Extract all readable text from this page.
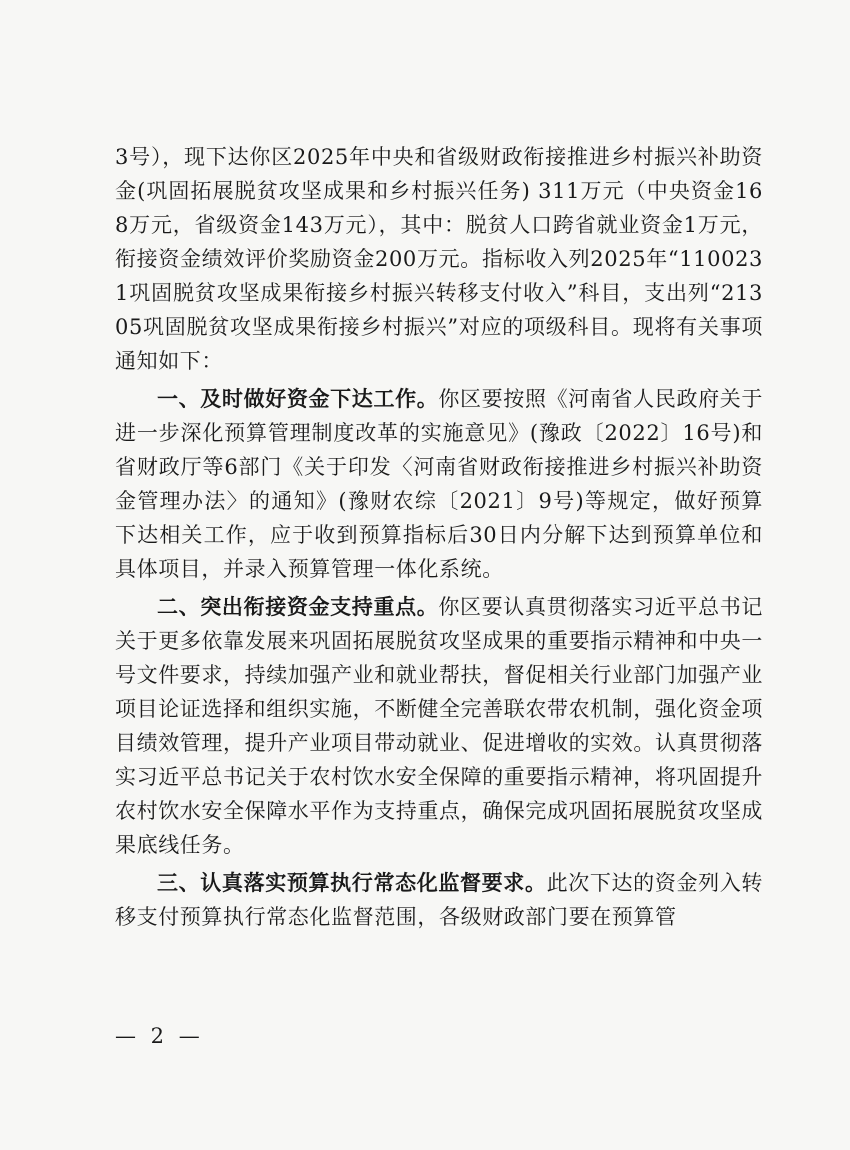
3号），现下达你区2025年中央和省级财政衔接推进乡村振兴补助资金(巩固拓展脱贫攻坚成果和乡村振兴任务) 311万元（中央资金168万元，省级资金143万元），其中：脱贫人口跨省就业资金1万元，衔接资金绩效评价奖励资金200万元。指标收入列2025年“1100231巩固脱贫攻坚成果衔接乡村振兴转移支付收入”科目，支出列“21305巩固脱贫攻坚成果衔接乡村振兴”对应的项级科目。现将有关事项通知如下：

一、及时做好资金下达工作。你区要按照《河南省人民政府关于进一步深化预算管理制度改革的实施意见》(豫政〔2022〕16号)和省财政厅等6部门《关于印发〈河南省财政衔接推进乡村振兴补助资金管理办法〉的通知》(豫财农综〔2021〕9号)等规定，做好预算下达相关工作，应于收到预算指标后30日内分解下达到预算单位和具体项目，并录入预算管理一体化系统。

二、突出衔接资金支持重点。你区要认真贯彻落实习近平总书记关于更多依靠发展来巩固拓展脱贫攻坚成果的重要指示精神和中央一号文件要求，持续加强产业和就业帮扶，督促相关行业部门加强产业项目论证选择和组织实施，不断健全完善联农带农机制，强化资金项目绩效管理，提升产业项目带动就业、促进增收的实效。认真贯彻落实习近平总书记关于农村饮水安全保障的重要指示精神，将巩固提升农村饮水安全保障水平作为支持重点，确保完成巩固拓展脱贫攻坚成果底线任务。

三、认真落实预算执行常态化监督要求。此次下达的资金列入转移支付预算执行常态化监督范围，各级财政部门要在预算管

— 2 —
